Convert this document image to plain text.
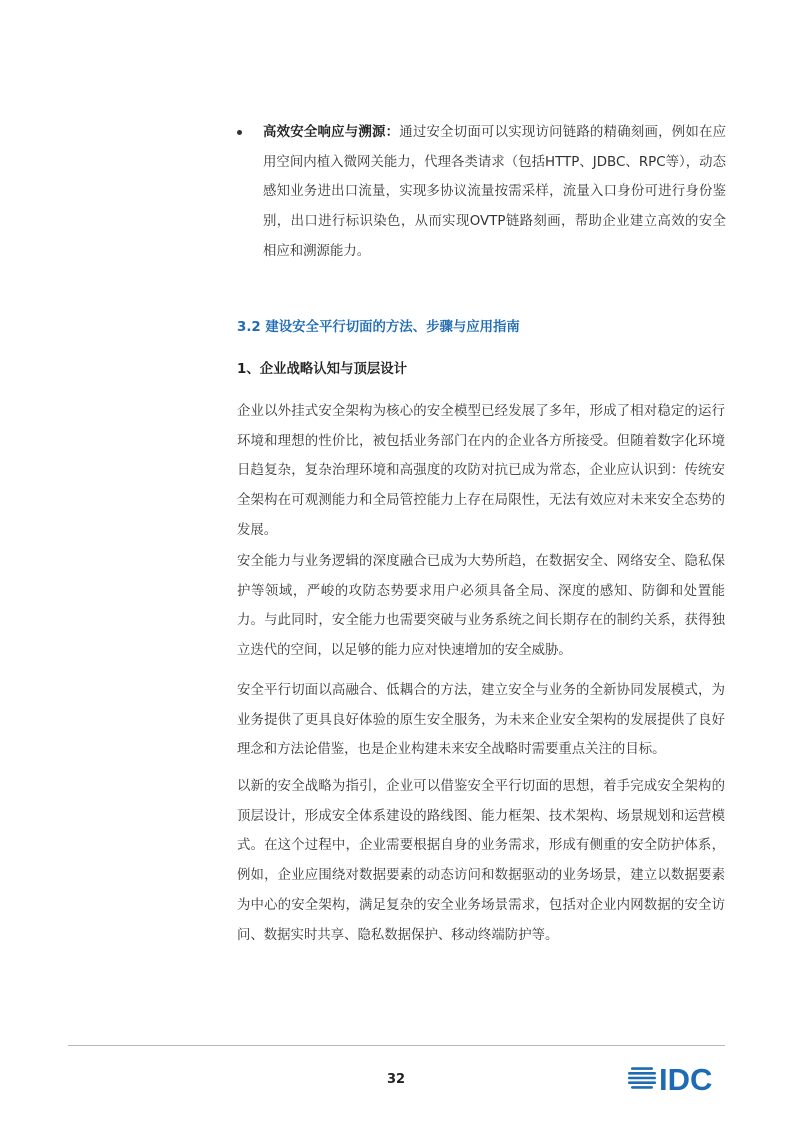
高效安全响应与溯源：通过安全切面可以实现访问链路的精确刻画，例如在应用空间内植入微网关能力，代理各类请求（包括HTTP、JDBC、RPC等），动态感知业务进出口流量，实现多协议流量按需采样，流量入口身份可进行身份鉴别，出口进行标识染色，从而实现OVTP链路刻画，帮助企业建立高效的安全相应和溯源能力。
3.2 建设安全平行切面的方法、步骤与应用指南
1、企业战略认知与顶层设计

企业以外挂式安全架构为核心的安全模型已经发展了多年，形成了相对稳定的运行环境和理想的性价比，被包括业务部门在内的企业各方所接受。但随着数字化环境日趋复杂，复杂治理环境和高强度的攻防对抗已成为常态，企业应认识到：传统安全架构在可观测能力和全局管控能力上存在局限性，无法有效应对未来安全态势的发展。

安全能力与业务逻辑的深度融合已成为大势所趋，在数据安全、网络安全、隐私保护等领域，严峻的攻防态势要求用户必须具备全局、深度的感知、防御和处置能力。与此同时，安全能力也需要突破与业务系统之间长期存在的制约关系，获得独立迭代的空间，以足够的能力应对快速增加的安全威胁。

安全平行切面以高融合、低耦合的方法，建立安全与业务的全新协同发展模式，为业务提供了更具良好体验的原生安全服务，为未来企业安全架构的发展提供了良好理念和方法论借鉴，也是企业构建未来安全战略时需要重点关注的目标。

以新的安全战略为指引，企业可以借鉴安全平行切面的思想，着手完成安全架构的顶层设计，形成安全体系建设的路线图、能力框架、技术架构、场景规划和运营模式。在这个过程中，企业需要根据自身的业务需求，形成有侧重的安全防护体系，例如，企业应围绕对数据要素的动态访问和数据驱动的业务场景，建立以数据要素为中心的安全架构，满足复杂的安全业务场景需求，包括对企业内网数据的安全访问、数据实时共享、隐私数据保护、移动终端防护等。

32	IDC
